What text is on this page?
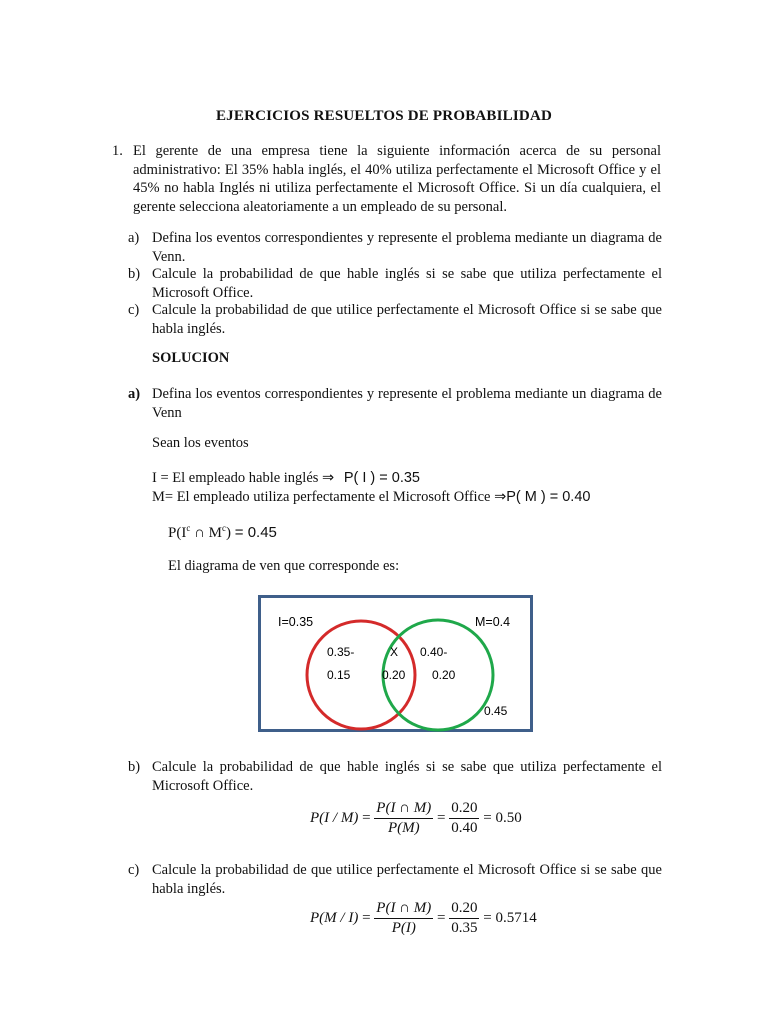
EJERCICIOS RESUELTOS DE PROBABILIDAD
1. El gerente de una empresa tiene la siguiente información acerca de su personal administrativo: El 35% habla inglés, el 40% utiliza perfectamente el Microsoft Office y el 45% no habla Inglés ni utiliza perfectamente el Microsoft Office. Si un día cualquiera, el gerente selecciona aleatoriamente a un empleado de su personal.
a) Defina los eventos correspondientes y represente el problema mediante un diagrama de Venn.
b) Calcule la probabilidad de que hable inglés si se sabe que utiliza perfectamente el Microsoft Office.
c) Calcule la probabilidad de que utilice perfectamente el Microsoft Office si se sabe que habla inglés.
SOLUCION
a) Defina los eventos correspondientes y represente el problema mediante un diagrama de Venn
Sean los eventos
I = El empleado hable inglés ⇒ P( I ) = 0.35
M= El empleado utiliza perfectamente el Microsoft Office ⇒P( M ) = 0.40
$P(I^c$ ∩ $M^c) = 0.45$
El diagrama de ven que corresponde es:
I=0.35	M=0.4
0.35-
0.15
X
0.20
0.40-
0.20
0.45
b) Calcule la probabilidad de que hable inglés si se sabe que utiliza perfectamente el Microsoft Office.
$P(I / M) = \frac{P(I \cap M)}{P(M)} = \frac{0.20}{0.40} = 0.50$
c) Calcule la probabilidad de que utilice perfectamente el Microsoft Office si se sabe que habla inglés.
$P(M / I) = \frac{P(I \cap M)}{P(I)} = \frac{0.20}{0.35} = 0.5714$
